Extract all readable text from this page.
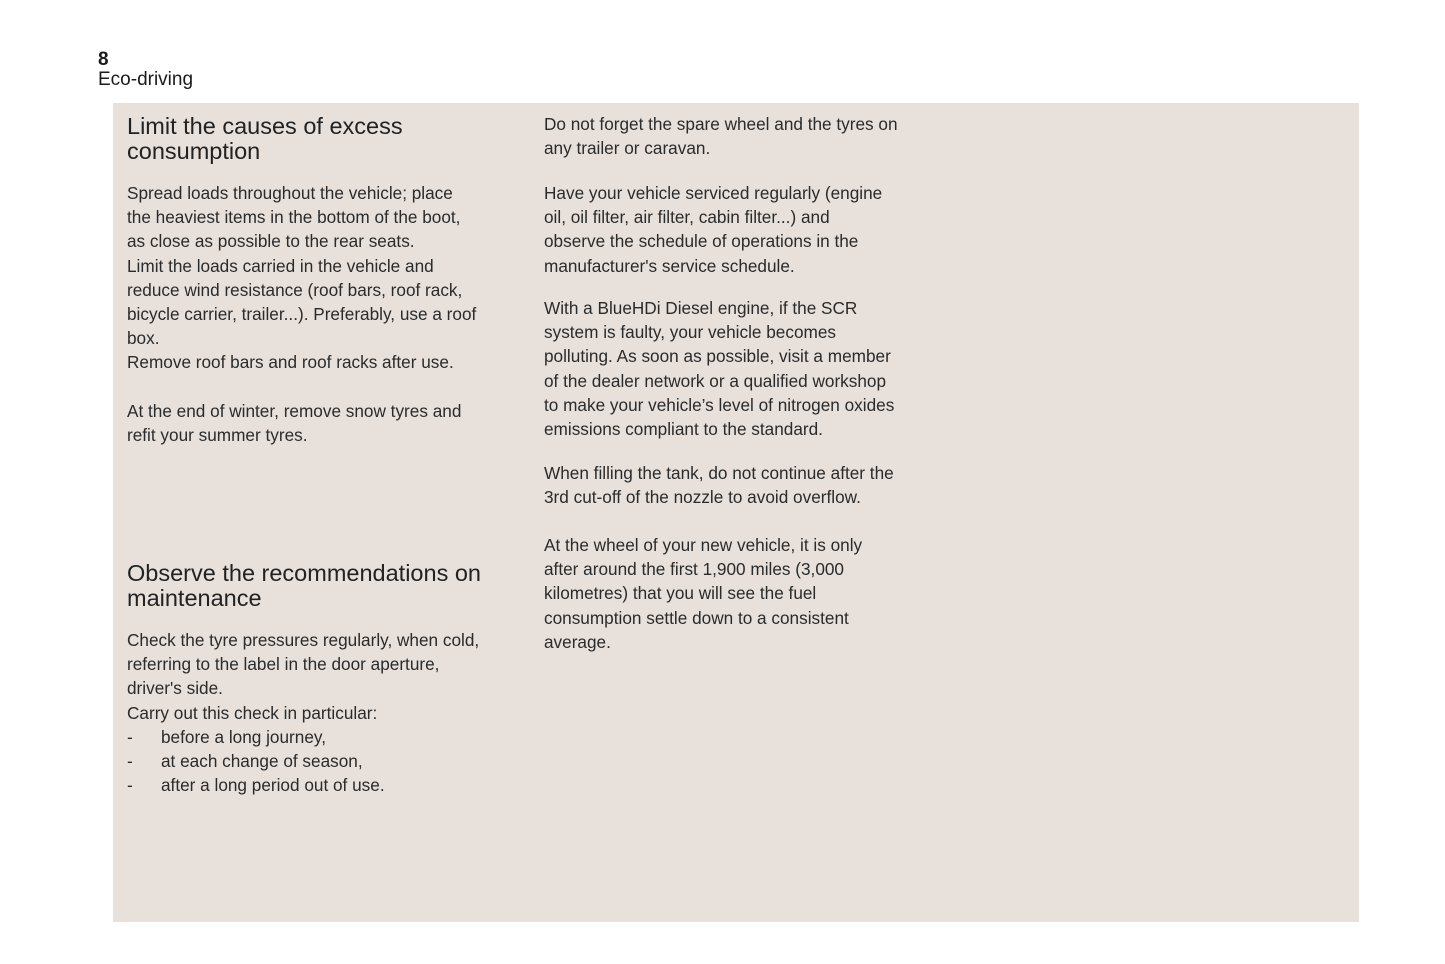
8
Eco-driving
Limit the causes of excess
consumption

Spread loads throughout the vehicle; place
the heaviest items in the bottom of the boot,
as close as possible to the rear seats.
Limit the loads carried in the vehicle and
reduce wind resistance (roof bars, roof rack,
bicycle carrier, trailer...). Preferably, use a roof
box.
Remove roof bars and roof racks after use.

At the end of winter, remove snow tyres and
refit your summer tyres.

Observe the recommendations on
maintenance
Check the tyre pressures regularly, when cold,
referring to the label in the door aperture,
driver's side.
Carry out this check in particular:
- before a long journey,
- at each change of season,
- after a long period out of use.

Do not forget the spare wheel and the tyres on
any trailer or caravan.

Have your vehicle serviced regularly (engine
oil, oil filter, air filter, cabin filter...) and
observe the schedule of operations in the
manufacturer's service schedule.

With a BlueHDi Diesel engine, if the SCR
system is faulty, your vehicle becomes
polluting. As soon as possible, visit a member
of the dealer network or a qualified workshop
to make your vehicle’s level of nitrogen oxides
emissions compliant to the standard.

When filling the tank, do not continue after the
3rd cut-off of the nozzle to avoid overflow.

At the wheel of your new vehicle, it is only
after around the first 1,900 miles (3,000
kilometres) that you will see the fuel
consumption settle down to a consistent
average.
